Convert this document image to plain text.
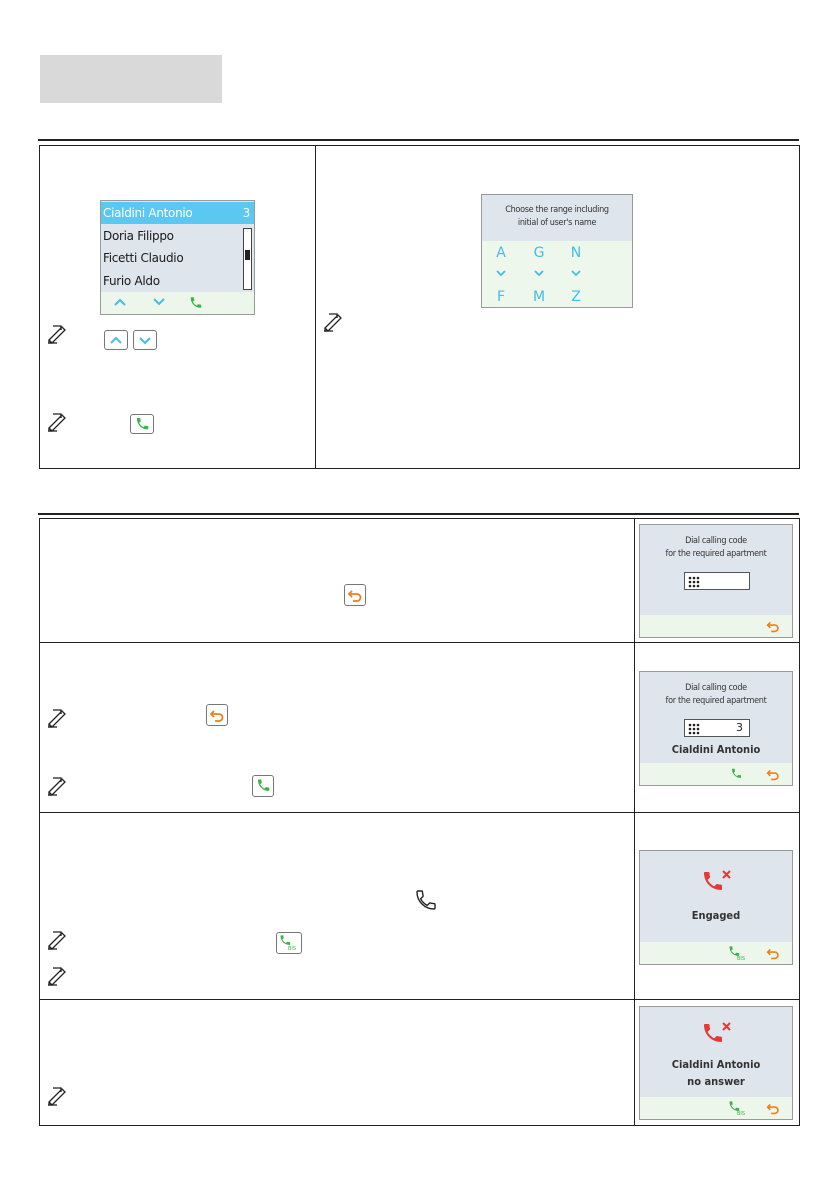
Cialdini Antonio	3
Doria Filippo
Ficetti Claudio
Furio Aldo
Choose the range including
initial of user's name
A G N
F M Z
Dial calling code
for the required apartment
Dial calling code
for the required apartment
3
Cialdini Antonio
BIS
Engaged
BIS
Cialdini Antonio
no answer
BIS
